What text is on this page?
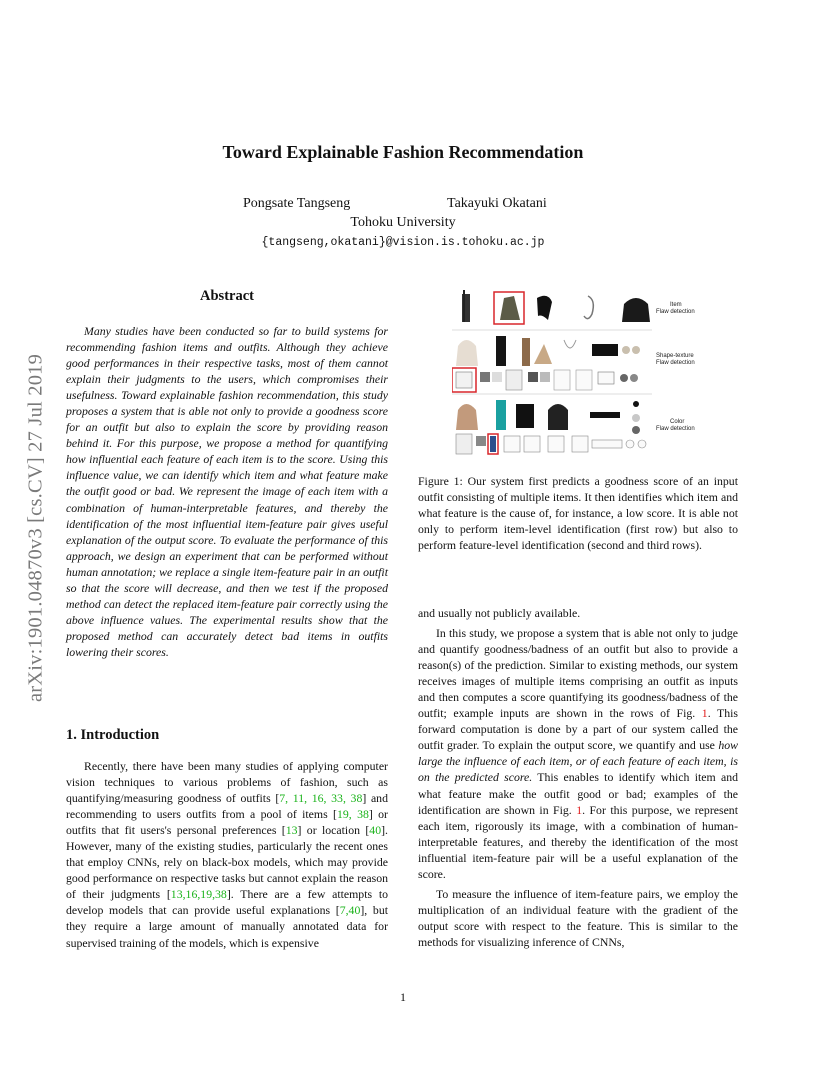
Toward Explainable Fashion Recommendation
Pongsate Tangseng	Takayuki Okatani
Tohoku University
{tangseng,okatani}@vision.is.tohoku.ac.jp
arXiv:1901.04870v3 [cs.CV] 27 Jul 2019
Abstract

Many studies have been conducted so far to build systems for recommending fashion items and outfits. Although they achieve good performances in their respective tasks, most of them cannot explain their judgments to the users, which compromises their usefulness. Toward explainable fashion recommendation, this study proposes a system that is able not only to provide a goodness score for an outfit but also to explain the score by providing reason behind it. For this purpose, we propose a method for quantifying how influential each feature of each item is to the score. Using this influence value, we can identify which item and what feature make the outfit good or bad. We represent the image of each item with a combination of human-interpretable features, and thereby the identification of the most influential item-feature pair gives useful explanation of the output score. To evaluate the performance of this approach, we design an experiment that can be performed without human annotation; we replace a single item-feature pair in an outfit so that the score will decrease, and then we test if the proposed method can detect the replaced item-feature pair correctly using the above influence values. The experimental results show that the proposed method can accurately detect bad items in outfits lowering their scores.

1. Introduction

Recently, there have been many studies of applying computer vision techniques to various problems of fashion, such as quantifying/measuring goodness of outfits [7, 11, 16, 33, 38] and recommending to users outfits from a pool of items [19, 38] or outfits that fit users's personal preferences [13] or location [40]. However, many of the existing studies, particularly the recent ones that employ CNNs, rely on black-box models, which may provide good performance on respective tasks but cannot explain the reason of their judgments [13,16,19,38]. There are a few attempts to develop models that can provide useful explanations [7,40], but they require a large amount of manually annotated data for supervised training of the models, which is expensive

Item
Flaw detection
Shape-texture
Flaw detection
Color
Flaw detection
Figure 1: Our system first predicts a goodness score of an input outfit consisting of multiple items. It then identifies which item and what feature is the cause of, for instance, a low score. It is able not only to perform item-level identification (first row) but also to perform feature-level identification (second and third rows).

and usually not publicly available.

In this study, we propose a system that is able not only to judge and quantify goodness/badness of an outfit but also to provide a reason(s) of the prediction. Similar to existing methods, our system receives images of multiple items comprising an outfit as inputs and then computes a score quantifying its goodness/badness of the outfit; example inputs are shown in the rows of Fig. 1. This forward computation is done by a part of our system called the outfit grader. To explain the output score, we quantify and use how large the influence of each item, or of each feature of each item, is on the predicted score. This enables to identify which item and what feature make the outfit good or bad; examples of the identification are shown in Fig. 1. For this purpose, we represent each item, rigorously its image, with a combination of human-interpretable features, and thereby the identification of the most influential item-feature pair will be a useful explanation of the score.

To measure the influence of item-feature pairs, we employ the multiplication of an individual feature with the gradient of the output score with respect to the feature. This is similar to the methods for visualizing inference of CNNs,

1
